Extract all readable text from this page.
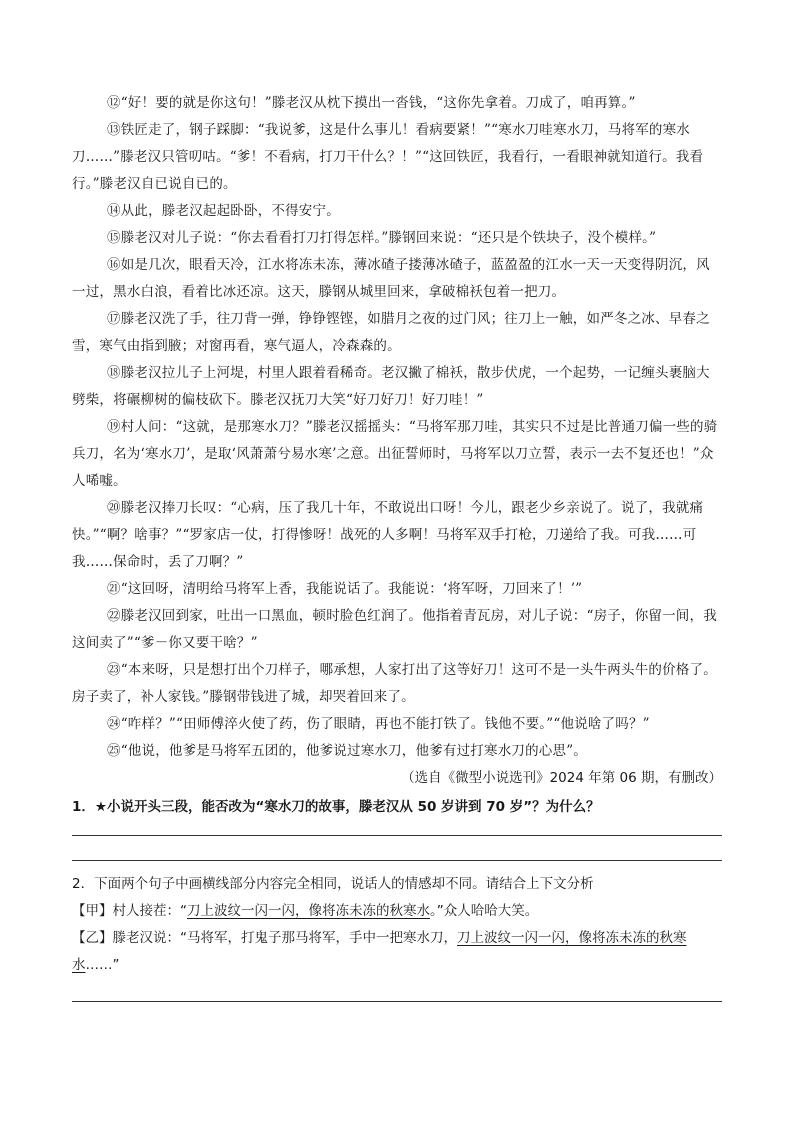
⑫“好！要的就是你这句！”滕老汉从枕下摸出一沓钱，“这你先拿着。刀成了，咱再算。”

⑬铁匠走了，钢子踩脚：“我说爹，这是什么事儿！看病要紧！”“寒水刀哇寒水刀，马将军的寒水刀……”滕老汉只管叨咕。“爹！不看病，打刀干什么？！”“这回铁匠，我看行，一看眼神就知道行。我看行。”滕老汉自已说自已的。

⑭从此，滕老汉起起卧卧，不得安宁。

⑮滕老汉对儿子说：“你去看看打刀打得怎样。”滕钢回来说：“还只是个铁块子，没个模样。”

⑯如是几次，眼看天冷，江水将冻未冻，薄冰碴子搂薄冰碴子，蓝盈盈的江水一天一天变得阴沉，风一过，黑水白浪，看着比冰还凉。这天，滕钢从城里回来，拿破棉袄包着一把刀。

⑰滕老汉洗了手，往刀背一弹，铮铮铿铿，如腊月之夜的过门风；往刀上一触，如严冬之冰、早春之雪，寒气由指到腋；对窗再看，寒气逼人，冷森森的。

⑱滕老汉拉儿子上河堤，村里人跟着看稀奇。老汉撇了棉袄，散步伏虎，一个起势，一记缠头裹脑大劈柴，将碾柳树的偏枝砍下。滕老汉抚刀大笑“好刀好刀！好刀哇！”

⑲村人问：“这就，是那寒水刀？”滕老汉摇摇头：“马将军那刀哇，其实只不过是比普通刀偏一些的骑兵刀，名为‘寒水刀’，是取‘风萧萧兮易水寒’之意。出征誓师时，马将军以刀立誓，表示一去不复还也！”众人唏嘘。

⑳滕老汉捧刀长叹：“心病，压了我几十年，不敢说出口呀！今儿，跟老少乡亲说了。说了，我就痛快。”“啊？啥事？”“罗家店一仗，打得惨呀！战死的人多啊！马将军双手打枪，刀递给了我。可我……可我……保命时，丢了刀啊？”

㉑“这回呀，清明给马将军上香，我能说话了。我能说：‘将军呀，刀回来了！’”

㉒滕老汉回到家，吐出一口黑血，顿时脸色红润了。他指着青瓦房，对儿子说：“房子，你留一间，我这间卖了”“爹－你又要干啥？”

㉓“本来呀，只是想打出个刀样子，哪承想，人家打出了这等好刀！这可不是一头牛两头牛的价格了。房子卖了，补人家钱。”滕钢带钱进了城，却哭着回来了。

㉔“咋样？”“田师傅淬火使了药，伤了眼睛，再也不能打铁了。钱他不要。”“他说啥了吗？”

㉕“他说，他爹是马将军五团的，他爹说过寒水刀，他爹有过打寒水刀的心思”。

（选自《微型小说选刊》2024 年第 06 期，有删改）

1．★小说开头三段，能否改为“寒水刀的故事，滕老汉从 50 岁讲到 70 岁”？为什么？

2．下面两个句子中画横线部分内容完全相同，说话人的情感却不同。请结合上下文分析

【甲】村人接茬：“刀上波纹一闪一闪，像将冻未冻的秋寒水。”众人哈哈大笑。

【乙】滕老汉说：“马将军，打鬼子那马将军，手中一把寒水刀，刀上波纹一闪一闪，像将冻未冻的秋寒水……”
